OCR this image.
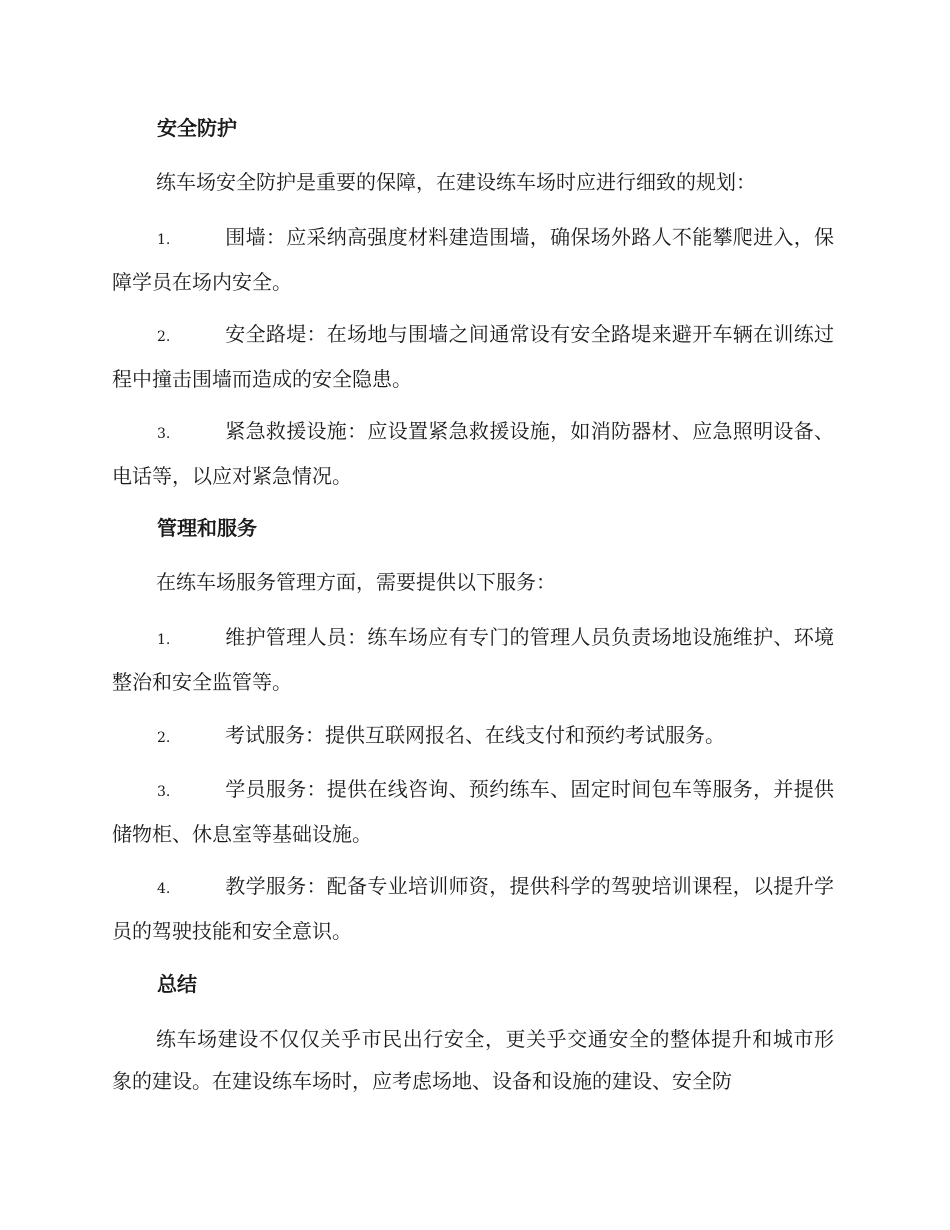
安全防护

练车场安全防护是重要的保障，在建设练车场时应进行细致的规划：

1.	围墙：应采纳高强度材料建造围墙，确保场外路人不能攀爬进入，保障学员在场内安全。

2.	安全路堤：在场地与围墙之间通常设有安全路堤来避开车辆在训练过程中撞击围墙而造成的安全隐患。

3.	紧急救援设施：应设置紧急救援设施，如消防器材、应急照明设备、电话等，以应对紧急情况。

管理和服务

在练车场服务管理方面，需要提供以下服务：

1.	维护管理人员：练车场应有专门的管理人员负责场地设施维护、环境整治和安全监管等。

2.	考试服务：提供互联网报名、在线支付和预约考试服务。

3.	学员服务：提供在线咨询、预约练车、固定时间包车等服务，并提供储物柜、休息室等基础设施。

4.	教学服务：配备专业培训师资，提供科学的驾驶培训课程，以提升学员的驾驶技能和安全意识。

总结

练车场建设不仅仅关乎市民出行安全，更关乎交通安全的整体提升和城市形象的建设。在建设练车场时，应考虑场地、设备和设施的建设、安全防
